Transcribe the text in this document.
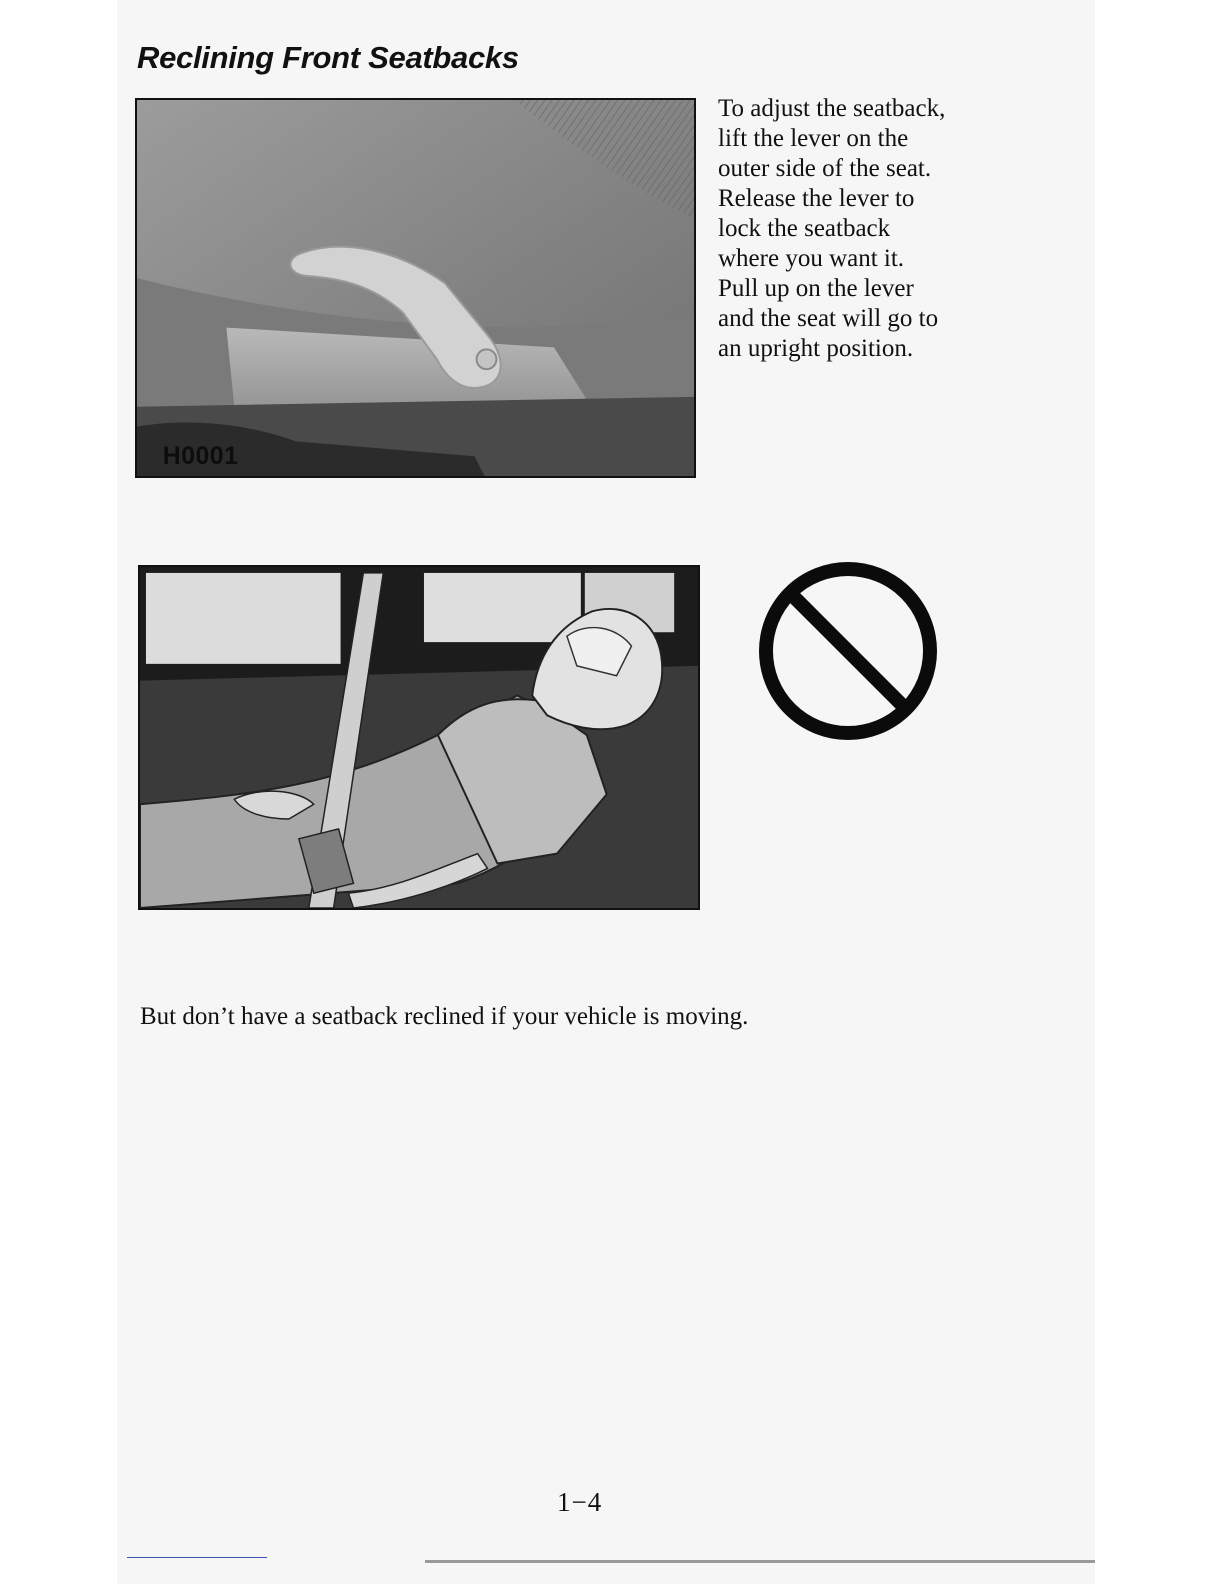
Reclining Front Seatbacks
H0001
To adjust the seatback,
lift the lever on the
outer side of the seat.
Release the lever to
lock the seatback
where you want it.
Pull up on the lever
and the seat will go to
an upright position.
But don’t have a seatback reclined if your vehicle is moving.
1−4
